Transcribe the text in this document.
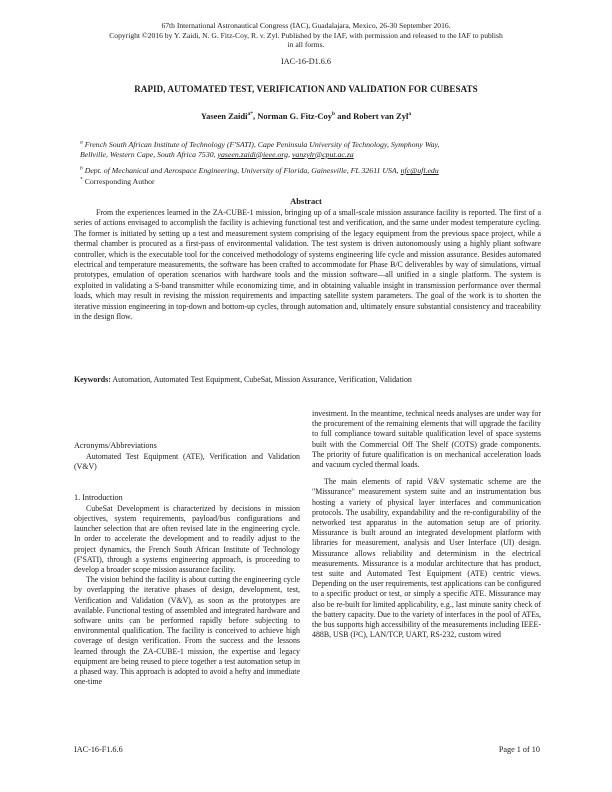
67th International Astronautical Congress (IAC), Guadalajara, Mexico, 26-30 September 2016.
Copyright ©2016 by Y. Zaidi, N. G. Fitz-Coy, R. v. Zyl. Published by the IAF, with permission and released to the IAF to publish
in all forms.
IAC-16-D1.6.6
RAPID, AUTOMATED TEST, VERIFICATION AND VALIDATION FOR CUBESATS
Yaseen Zaidi$^{a*}$, Norman G. Fitz-Coy$^b$ and Robert van Zyl$^a$
$^a$ French South African Institute of Technology (F'SATI), Cape Peninsula University of Technology, Symphony Way,
Bellville, Western Cape, South Africa 7530, yaseen.zaidi@ieee.org, vanzylr@cput.ac.za
$^b$ Dept. of Mechanical and Aerospace Engineering, University of Florida, Gainesville, FL 32611 USA, nfc@ufl.edu
* Corresponding Author
Abstract

From the experiences learned in the ZA-CUBE-1 mission, bringing up of a small-scale mission assurance facility is reported. The first of a series of actions envisaged to accomplish the facility is achieving functional test and verification, and the same under modest temperature cycling. The former is initiated by setting up a test and measurement system comprising of the legacy equipment from the previous space project, while a thermal chamber is procured as a first-pass of environmental validation. The test system is driven autonomously using a highly pliant software controller, which is the executable tool for the conceived methodology of systems engineering life cycle and mission assurance. Besides automated electrical and temperature measurements, the software has been crafted to accommodate for Phase B/C deliverables by way of simulations, virtual prototypes, emulation of operation scenarios with hardware tools and the mission software—all unified in a single platform. The system is exploited in validating a S-band transmitter while economizing time, and in obtaining valuable insight in transmission performance over thermal loads, which may result in revising the mission requirements and impacting satellite system parameters. The goal of the work is to shorten the iterative mission engineering in top-down and bottom-up cycles, through automation and, ultimately ensure substantial consistency and traceability in the design flow.

Keywords: Automation, Automated Test Equipment, CubeSat, Mission Assurance, Verification, Validation

Acronyms/Abbreviations

Automated Test Equipment (ATE), Verification and Validation (V&V)

1. Introduction

CubeSat Development is characterized by decisions in mission objectives, system requirements, payload/bus configurations and launcher selection that are often revised late in the engineering cycle. In order to accelerate the development and to readily adjust to the project dynamics, the French South African Institute of Technology (F'SATI), through a systems engineering approach, is proceeding to develop a broader scope mission assurance facility.

The vision behind the facility is about cutting the engineering cycle by overlapping the iterative phases of design, development, test, Verification and Validation (V&V), as soon as the prototypes are available. Functional testing of assembled and integrated hardware and software units can be performed rapidly before subjecting to environmental qualification. The facility is conceived to achieve high coverage of design verification. From the success and the lessons learned through the ZA-CUBE-1 mission, the expertise and legacy equipment are being reused to piece together a test automation setup in a phased way. This approach is adopted to avoid a hefty and immediate one-time

investment. In the meantime, technical needs analyses are under way for the procurement of the remaining elements that will upgrade the facility to full compliance toward suitable qualification level of space systems built with the Commercial Off The Shelf (COTS) grade components. The priority of future qualification is on mechanical acceleration loads and vacuum cycled thermal loads.

The main elements of rapid V&V systematic scheme are the "Missurance" measurement system suite and an instrumentation bus hosting a variety of physical layer interfaces and communication protocols. The usability, expandability and the re-configurability of the networked test apparatus in the automation setup are of priority. Missurance is built around an integrated development platform with libraries for measurement, analysis and User Interface (UI) design. Missurance allows reliability and determinism in the electrical measurements. Missurance is a modular architecture that has product, test suite and Automated Test Equipment (ATE) centric views. Depending on the user requirements, test applications can be configured to a specific product or test, or simply a specific ATE. Missurance may also be re-built for limited applicability, e.g., last minute sanity check of the battery capacity. Due to the variety of interfaces in the pool of ATEs, the bus supports high accessibility of the measurements including IEEE-488B, USB (I²C), LAN/TCP, UART, RS-232, custom wired

IAC-16-F1.6.6	Page 1 of 10
